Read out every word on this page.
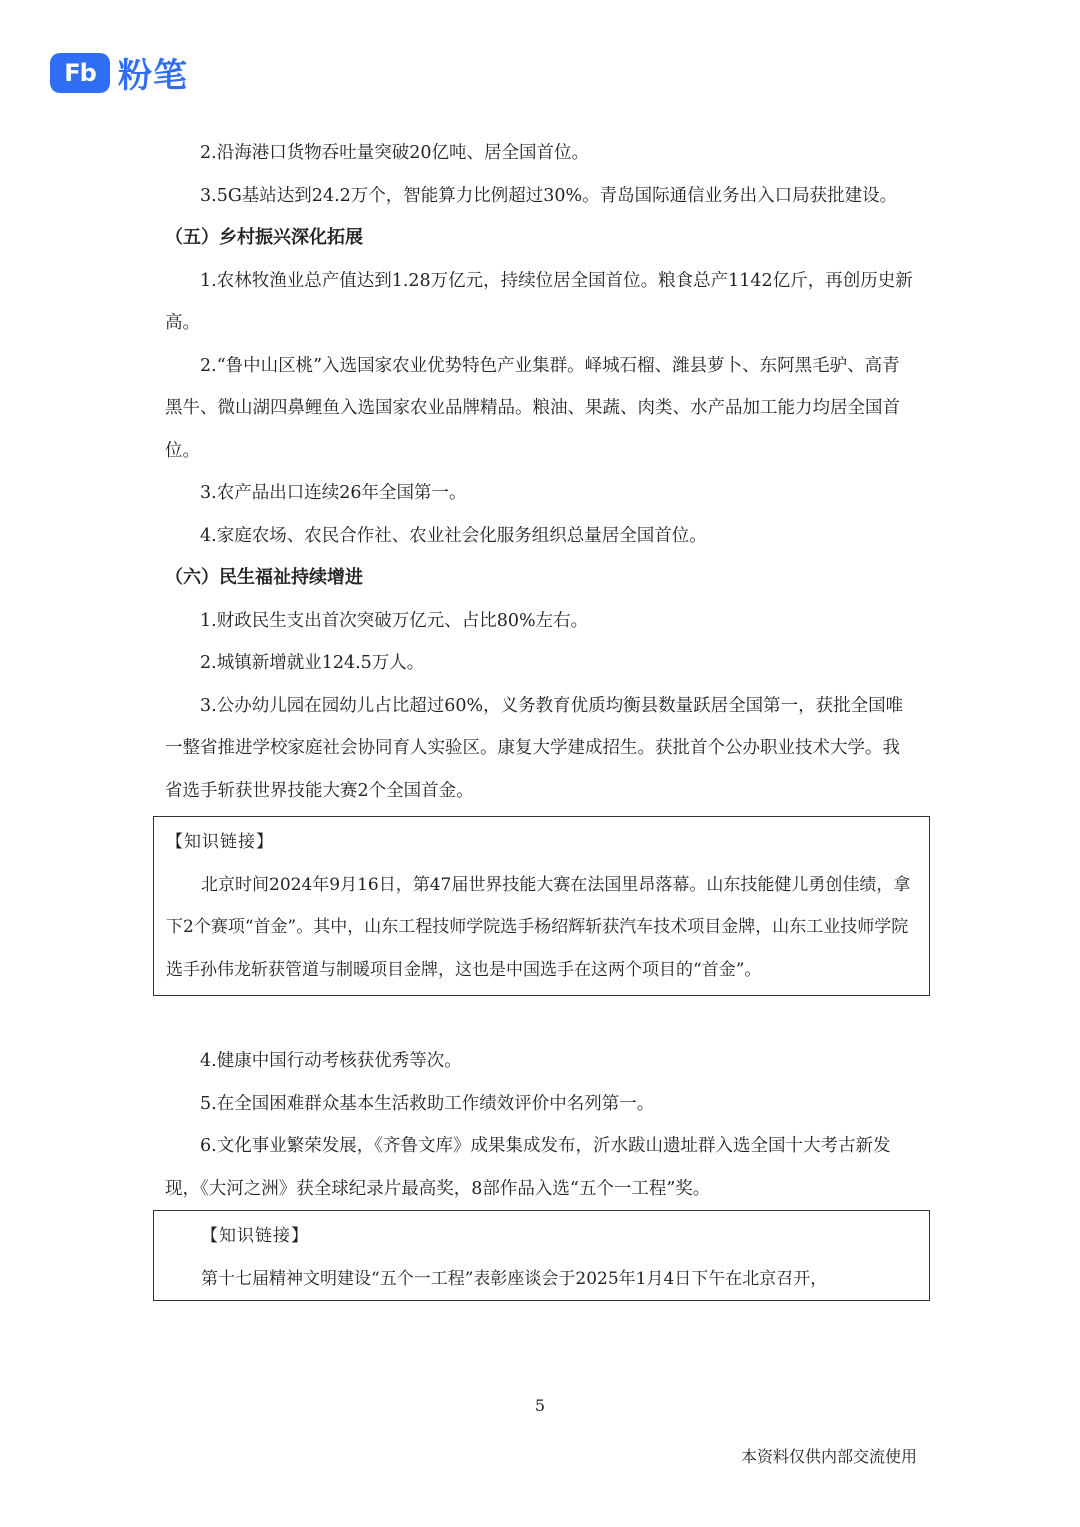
Fb 粉笔

2.沿海港口货物吞吐量突破20亿吨、居全国首位。

3.5G基站达到24.2万个，智能算力比例超过30%。青岛国际通信业务出入口局获批建设。

（五）乡村振兴深化拓展

1.农林牧渔业总产值达到1.28万亿元，持续位居全国首位。粮食总产1142亿斤，再创历史新高。

2.“鲁中山区桃”入选国家农业优势特色产业集群。峄城石榴、潍县萝卜、东阿黑毛驴、高青黑牛、微山湖四鼻鲤鱼入选国家农业品牌精品。粮油、果蔬、肉类、水产品加工能力均居全国首位。

3.农产品出口连续26年全国第一。

4.家庭农场、农民合作社、农业社会化服务组织总量居全国首位。

（六）民生福祉持续增进

1.财政民生支出首次突破万亿元、占比80%左右。

2.城镇新增就业124.5万人。

3.公办幼儿园在园幼儿占比超过60%，义务教育优质均衡县数量跃居全国第一，获批全国唯一整省推进学校家庭社会协同育人实验区。康复大学建成招生。获批首个公办职业技术大学。我省选手斩获世界技能大赛2个全国首金。

【知识链接】

北京时间2024年9月16日，第47届世界技能大赛在法国里昂落幕。山东技能健儿勇创佳绩，拿下2个赛项“首金”。其中，山东工程技师学院选手杨绍辉斩获汽车技术项目金牌，山东工业技师学院选手孙伟龙斩获管道与制暖项目金牌，这也是中国选手在这两个项目的“首金”。

4.健康中国行动考核获优秀等次。

5.在全国困难群众基本生活救助工作绩效评价中名列第一。

6.文化事业繁荣发展，《齐鲁文库》成果集成发布，沂水跋山遗址群入选全国十大考古新发现，《大河之洲》获全球纪录片最高奖，8部作品入选“五个一工程”奖。

【知识链接】

第十七届精神文明建设“五个一工程”表彰座谈会于2025年1月4日下午在北京召开，

5
本资料仅供内部交流使用
